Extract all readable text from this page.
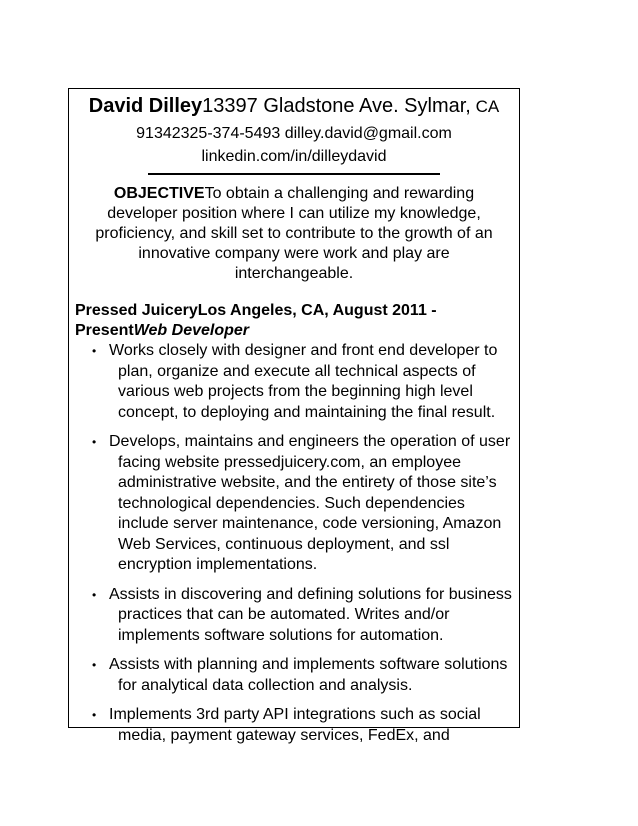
David Dilley13397 Gladstone Ave. Sylmar, CA
91342325-374-5493 dilley.david@gmail.com
linkedin.com/in/dilleydavid
OBJECTIVETo obtain a challenging and rewarding developer position where I can utilize my knowledge, proficiency, and skill set to contribute to the growth of an innovative company were work and play are interchangeable.
Pressed JuiceryLos Angeles, CA, August 2011 - PresentWeb Developer
• Works closely with designer and front end developer to plan, organize and execute all technical aspects of various web projects from the beginning high level concept, to deploying and maintaining the final result.
• Develops, maintains and engineers the operation of user facing website pressedjuicery.com, an employee administrative website, and the entirety of those site’s technological dependencies. Such dependencies include server maintenance, code versioning, Amazon Web Services, continuous deployment, and ssl encryption implementations.
• Assists in discovering and defining solutions for business practices that can be automated. Writes and/or implements software solutions for automation.
• Assists with planning and implements software solutions for analytical data collection and analysis.
• Implements 3rd party API integrations such as social media, payment gateway services, FedEx, and
